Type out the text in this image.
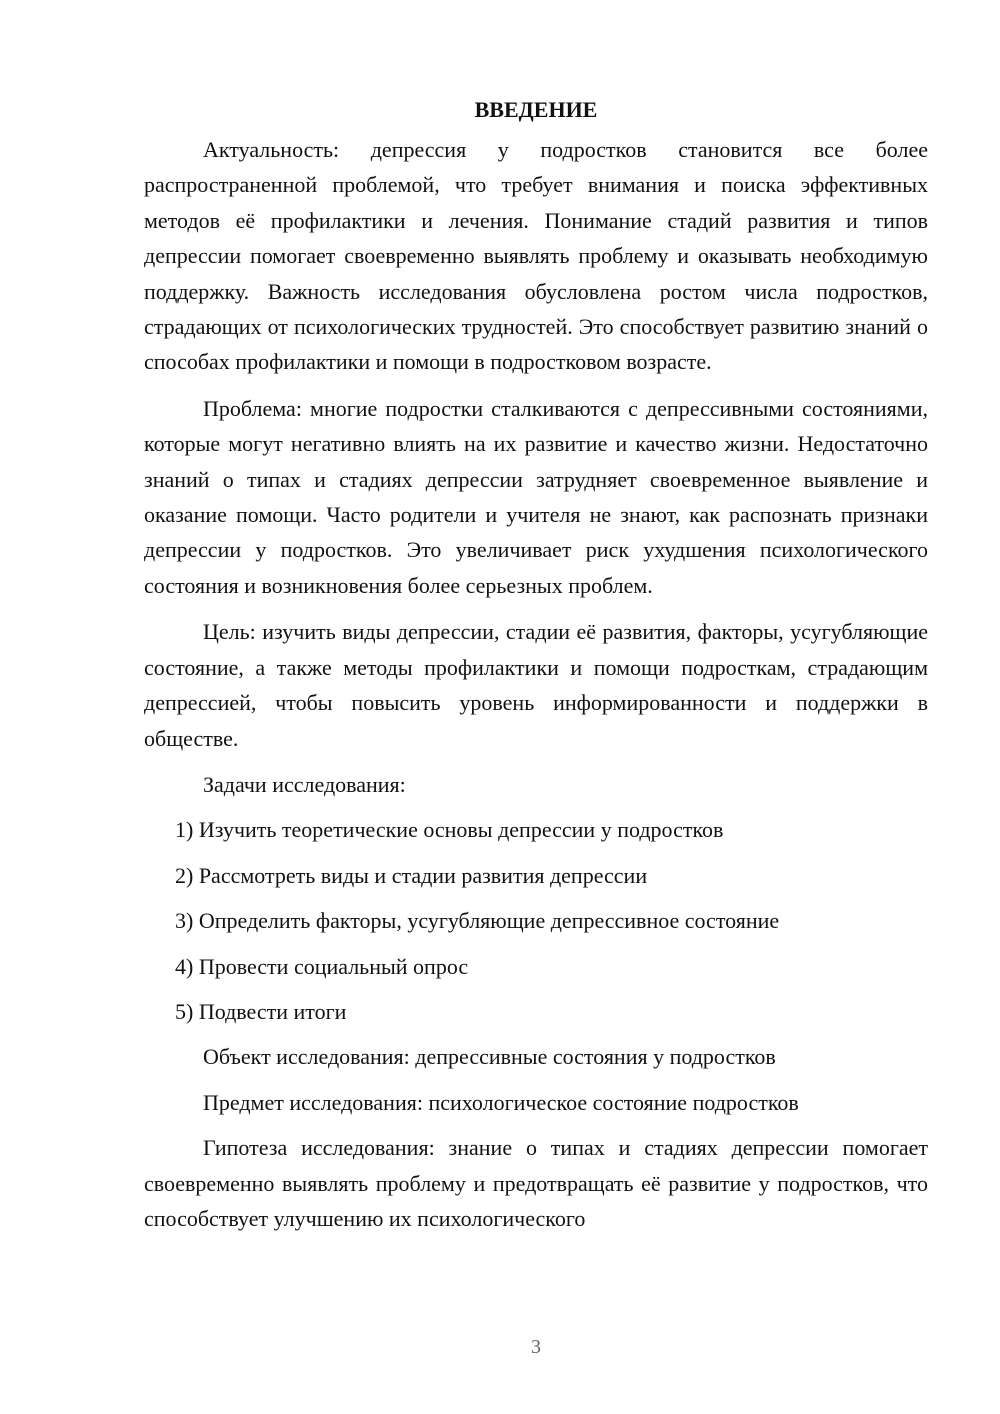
ВВЕДЕНИЕ

Актуальность: депрессия у подростков становится все более распространенной проблемой, что требует внимания и поиска эффективных методов её профилактики и лечения. Понимание стадий развития и типов депрессии помогает своевременно выявлять проблему и оказывать необходимую поддержку. Важность исследования обусловлена ростом числа подростков, страдающих от психологических трудностей. Это способствует развитию знаний о способах профилактики и помощи в подростковом возрасте.

Проблема: многие подростки сталкиваются с депрессивными состояниями, которые могут негативно влиять на их развитие и качество жизни. Недостаточно знаний о типах и стадиях депрессии затрудняет своевременное выявление и оказание помощи. Часто родители и учителя не знают, как распознать признаки депрессии у подростков. Это увеличивает риск ухудшения психологического состояния и возникновения более серьезных проблем.

Цель: изучить виды депрессии, стадии её развития, факторы, усугубляющие состояние, а также методы профилактики и помощи подросткам, страдающим депрессией, чтобы повысить уровень информированности и поддержки в обществе.

Задачи исследования:

1) Изучить теоретические основы депрессии у подростков
2) Рассмотреть виды и стадии развития депрессии
3) Определить факторы, усугубляющие депрессивное состояние
4) Провести социальный опрос
5) Подвести итоги

Объект исследования: депрессивные состояния у подростков

Предмет исследования: психологическое состояние подростков

Гипотеза исследования: знание о типах и стадиях депрессии помогает своевременно выявлять проблему и предотвращать её развитие у подростков, что способствует улучшению их психологического

3
